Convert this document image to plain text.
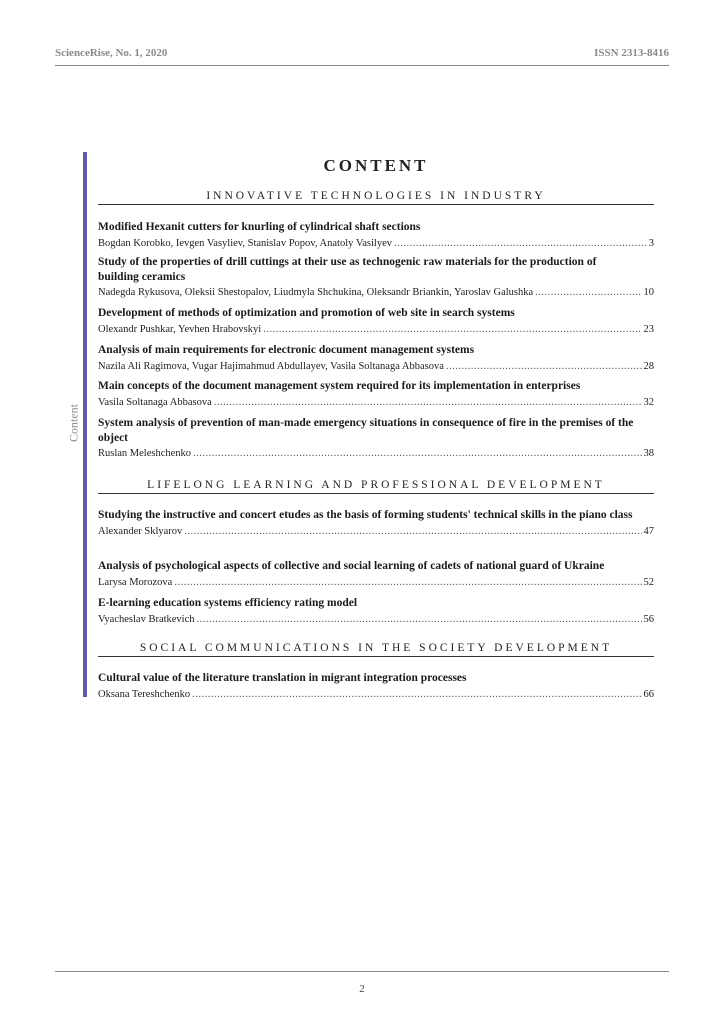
ScienceRise, No. 1, 2020	ISSN 2313-8416
Content
CONTENT
INNOVATIVE TECHNOLOGIES IN INDUSTRY
Modified Hexanit cutters for knurling of cylindrical shaft sections
Bogdan Korobko, Ievgen Vasyliev, Stanislav Popov, Anatoly Vasilyev .....	3
Study of the properties of drill cuttings at their use as technogenic raw materials for the production of building ceramics
Nadegda Rykusova, Oleksii Shestopalov, Liudmyla Shchukina, Oleksandr Briankin, Yaroslav Galushka .....	10
Development of methods of optimization and promotion of web site in search systems
Olexandr Pushkar, Yevhen Hrabovskyi .....	23
Analysis of main requirements for electronic document management systems
Nazila Ali Ragimova, Vugar Hajimahmud Abdullayev, Vasila Soltanaga Abbasova .....	28
Main concepts of the document management system required for its implementation in enterprises
Vasila Soltanaga Abbasova .....	32
System analysis of prevention of man-made emergency situations in consequence of fire in the premises of the object
Ruslan Meleshchenko .....	38
LIFELONG LEARNING AND PROFESSIONAL DEVELOPMENT
Studying the instructive and concert etudes as the basis of forming students' technical skills in the piano class
Alexander Sklyarov .....	47
Analysis of psychological aspects of collective and social learning of cadets of national guard of Ukraine
Larysa Morozova .....	52
E-learning education systems efficiency rating model
Vyacheslav Bratkevich .....	56
SOCIAL COMMUNICATIONS IN THE SOCIETY DEVELOPMENT
Cultural value of the literature translation in migrant integration processes
Oksana Tereshchenko .....	66
2
